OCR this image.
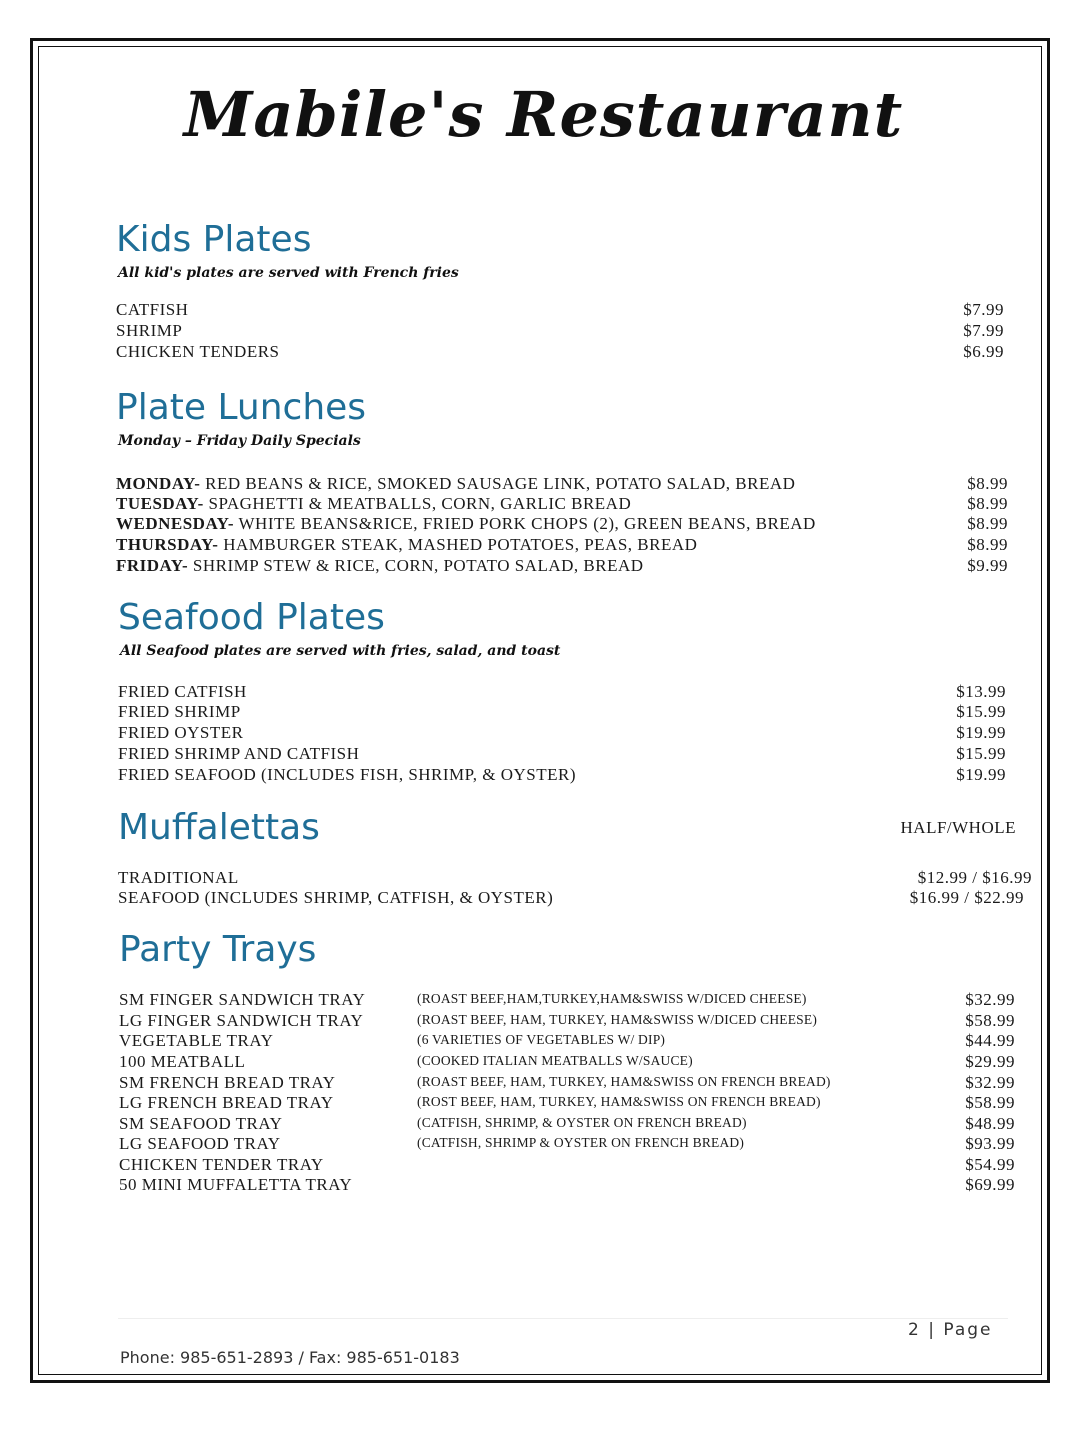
Mabile's Restaurant
Kids Plates
All kid's plates are served with French fries
CATFISH	$7.99
SHRIMP	$7.99
CHICKEN TENDERS	$6.99
Plate Lunches
Monday – Friday Daily Specials
MONDAY- RED BEANS & RICE, SMOKED SAUSAGE LINK, POTATO SALAD, BREAD	$8.99
TUESDAY- SPAGHETTI & MEATBALLS, CORN, GARLIC BREAD	$8.99
WEDNESDAY- WHITE BEANS&RICE, FRIED PORK CHOPS (2), GREEN BEANS, BREAD	$8.99
THURSDAY- HAMBURGER STEAK, MASHED POTATOES, PEAS, BREAD	$8.99
FRIDAY- SHRIMP STEW & RICE, CORN, POTATO SALAD, BREAD	$9.99
Seafood Plates
All Seafood plates are served with fries, salad, and toast
FRIED CATFISH	$13.99
FRIED SHRIMP	$15.99
FRIED OYSTER	$19.99
FRIED SHRIMP AND CATFISH	$15.99
FRIED SEAFOOD (INCLUDES FISH, SHRIMP, & OYSTER)	$19.99
Muffalettas	HALF/WHOLE
TRADITIONAL	$12.99 / $16.99
SEAFOOD (INCLUDES SHRIMP, CATFISH, & OYSTER)	$16.99 / $22.99
Party Trays
SM FINGER SANDWICH TRAY	(ROAST BEEF,HAM,TURKEY,HAM&SWISS W/DICED CHEESE)	$32.99
LG FINGER SANDWICH TRAY	(ROAST BEEF, HAM, TURKEY, HAM&SWISS W/DICED CHEESE)	$58.99
VEGETABLE TRAY	(6 VARIETIES OF VEGETABLES W/ DIP)	$44.99
100 MEATBALL	(COOKED ITALIAN MEATBALLS W/SAUCE)	$29.99
SM FRENCH BREAD TRAY	(ROAST BEEF, HAM, TURKEY, HAM&SWISS ON FRENCH BREAD)	$32.99
LG FRENCH BREAD TRAY	(ROST BEEF, HAM, TURKEY, HAM&SWISS ON FRENCH BREAD)	$58.99
SM SEAFOOD TRAY	(CATFISH, SHRIMP, & OYSTER ON FRENCH BREAD)	$48.99
LG SEAFOOD TRAY	(CATFISH, SHRIMP & OYSTER ON FRENCH BREAD)	$93.99
CHICKEN TENDER TRAY	$54.99
50 MINI MUFFALETTA TRAY	$69.99
2 | Page
Phone: 985-651-2893 / Fax: 985-651-0183
